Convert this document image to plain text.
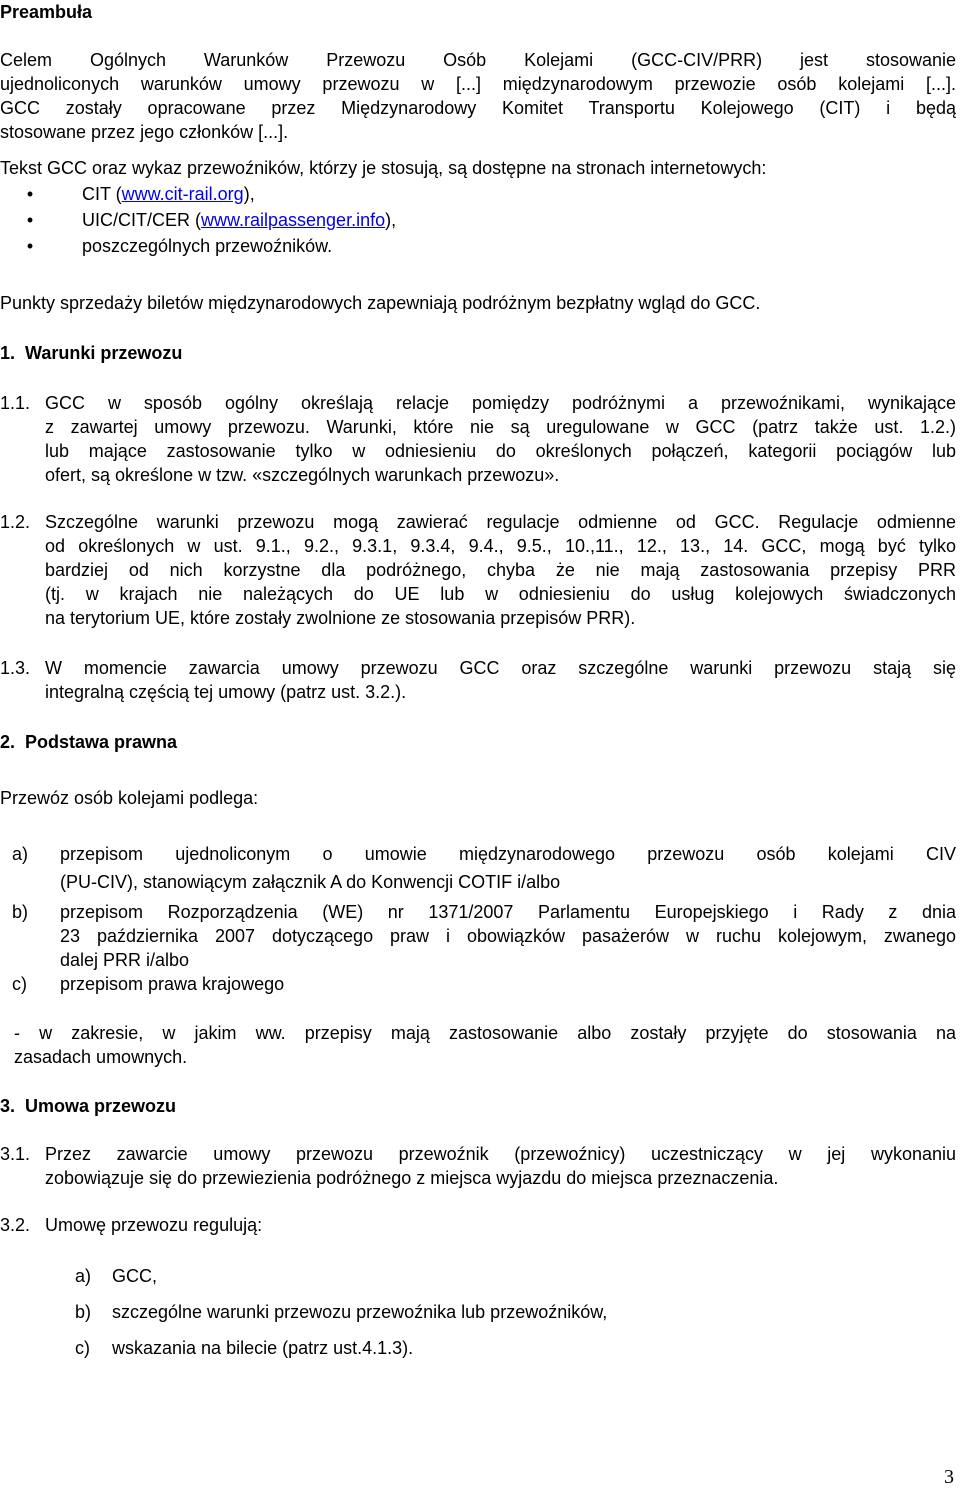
Preambuła
Celem Ogólnych Warunków Przewozu Osób Kolejami (GCC-CIV/PRR) jest stosowanie
ujednoliconych warunków umowy przewozu w [...] międzynarodowym przewozie osób kolejami [...].
GCC zostały opracowane przez Międzynarodowy Komitet Transportu Kolejowego (CIT) i będą
stosowane przez jego członków [...].
Tekst GCC oraz wykaz przewoźników, którzy je stosują, są dostępne na stronach internetowych:
•	CIT (www.cit-rail.org),
•	UIC/CIT/CER (www.railpassenger.info),
•	poszczególnych przewoźników.
Punkty sprzedaży biletów międzynarodowych zapewniają podróżnym bezpłatny wgląd do GCC.
1.  Warunki przewozu
1.1. GCC w sposób ogólny określają relacje pomiędzy podróżnymi a przewoźnikami, wynikające
z zawartej umowy przewozu. Warunki, które nie są uregulowane w GCC (patrz także ust. 1.2.)
lub mające zastosowanie tylko w odniesieniu do określonych połączeń, kategorii pociągów lub
ofert, są określone w tzw. «szczególnych warunkach przewozu».
1.2. Szczególne warunki przewozu mogą zawierać regulacje odmienne od GCC. Regulacje odmienne
od określonych w ust. 9.1., 9.2., 9.3.1, 9.3.4, 9.4., 9.5., 10.,11., 12., 13., 14. GCC, mogą być tylko
bardziej od nich korzystne dla podróżnego, chyba że nie mają zastosowania przepisy PRR
(tj. w krajach nie należących do UE lub w odniesieniu do usług kolejowych świadczonych
na terytorium UE, które zostały zwolnione ze stosowania przepisów PRR).
1.3. W momencie zawarcia umowy przewozu GCC oraz szczególne warunki przewozu stają się
integralną częścią tej umowy (patrz ust. 3.2.).
2.  Podstawa prawna
Przewóz osób kolejami podlega:
a) przepisom ujednoliconym o umowie międzynarodowego przewozu osób kolejami CIV
(PU-CIV), stanowiącym załącznik A do Konwencji COTIF i/albo
b) przepisom Rozporządzenia (WE) nr 1371/2007 Parlamentu Europejskiego i Rady z dnia
23 października 2007 dotyczącego praw i obowiązków pasażerów w ruchu kolejowym, zwanego
dalej PRR i/albo
c) przepisom prawa krajowego
- w zakresie, w jakim ww. przepisy mają zastosowanie albo zostały przyjęte do stosowania na
zasadach umownych.
3.  Umowa przewozu
3.1. Przez zawarcie umowy przewozu przewoźnik (przewoźnicy) uczestniczący w jej wykonaniu
zobowiązuje się do przewiezienia podróżnego z miejsca wyjazdu do miejsca przeznaczenia.
3.2. Umowę przewozu regulują:
a) GCC,
b) szczególne warunki przewozu przewoźnika lub przewoźników,
c) wskazania na bilecie (patrz ust.4.1.3).
3
